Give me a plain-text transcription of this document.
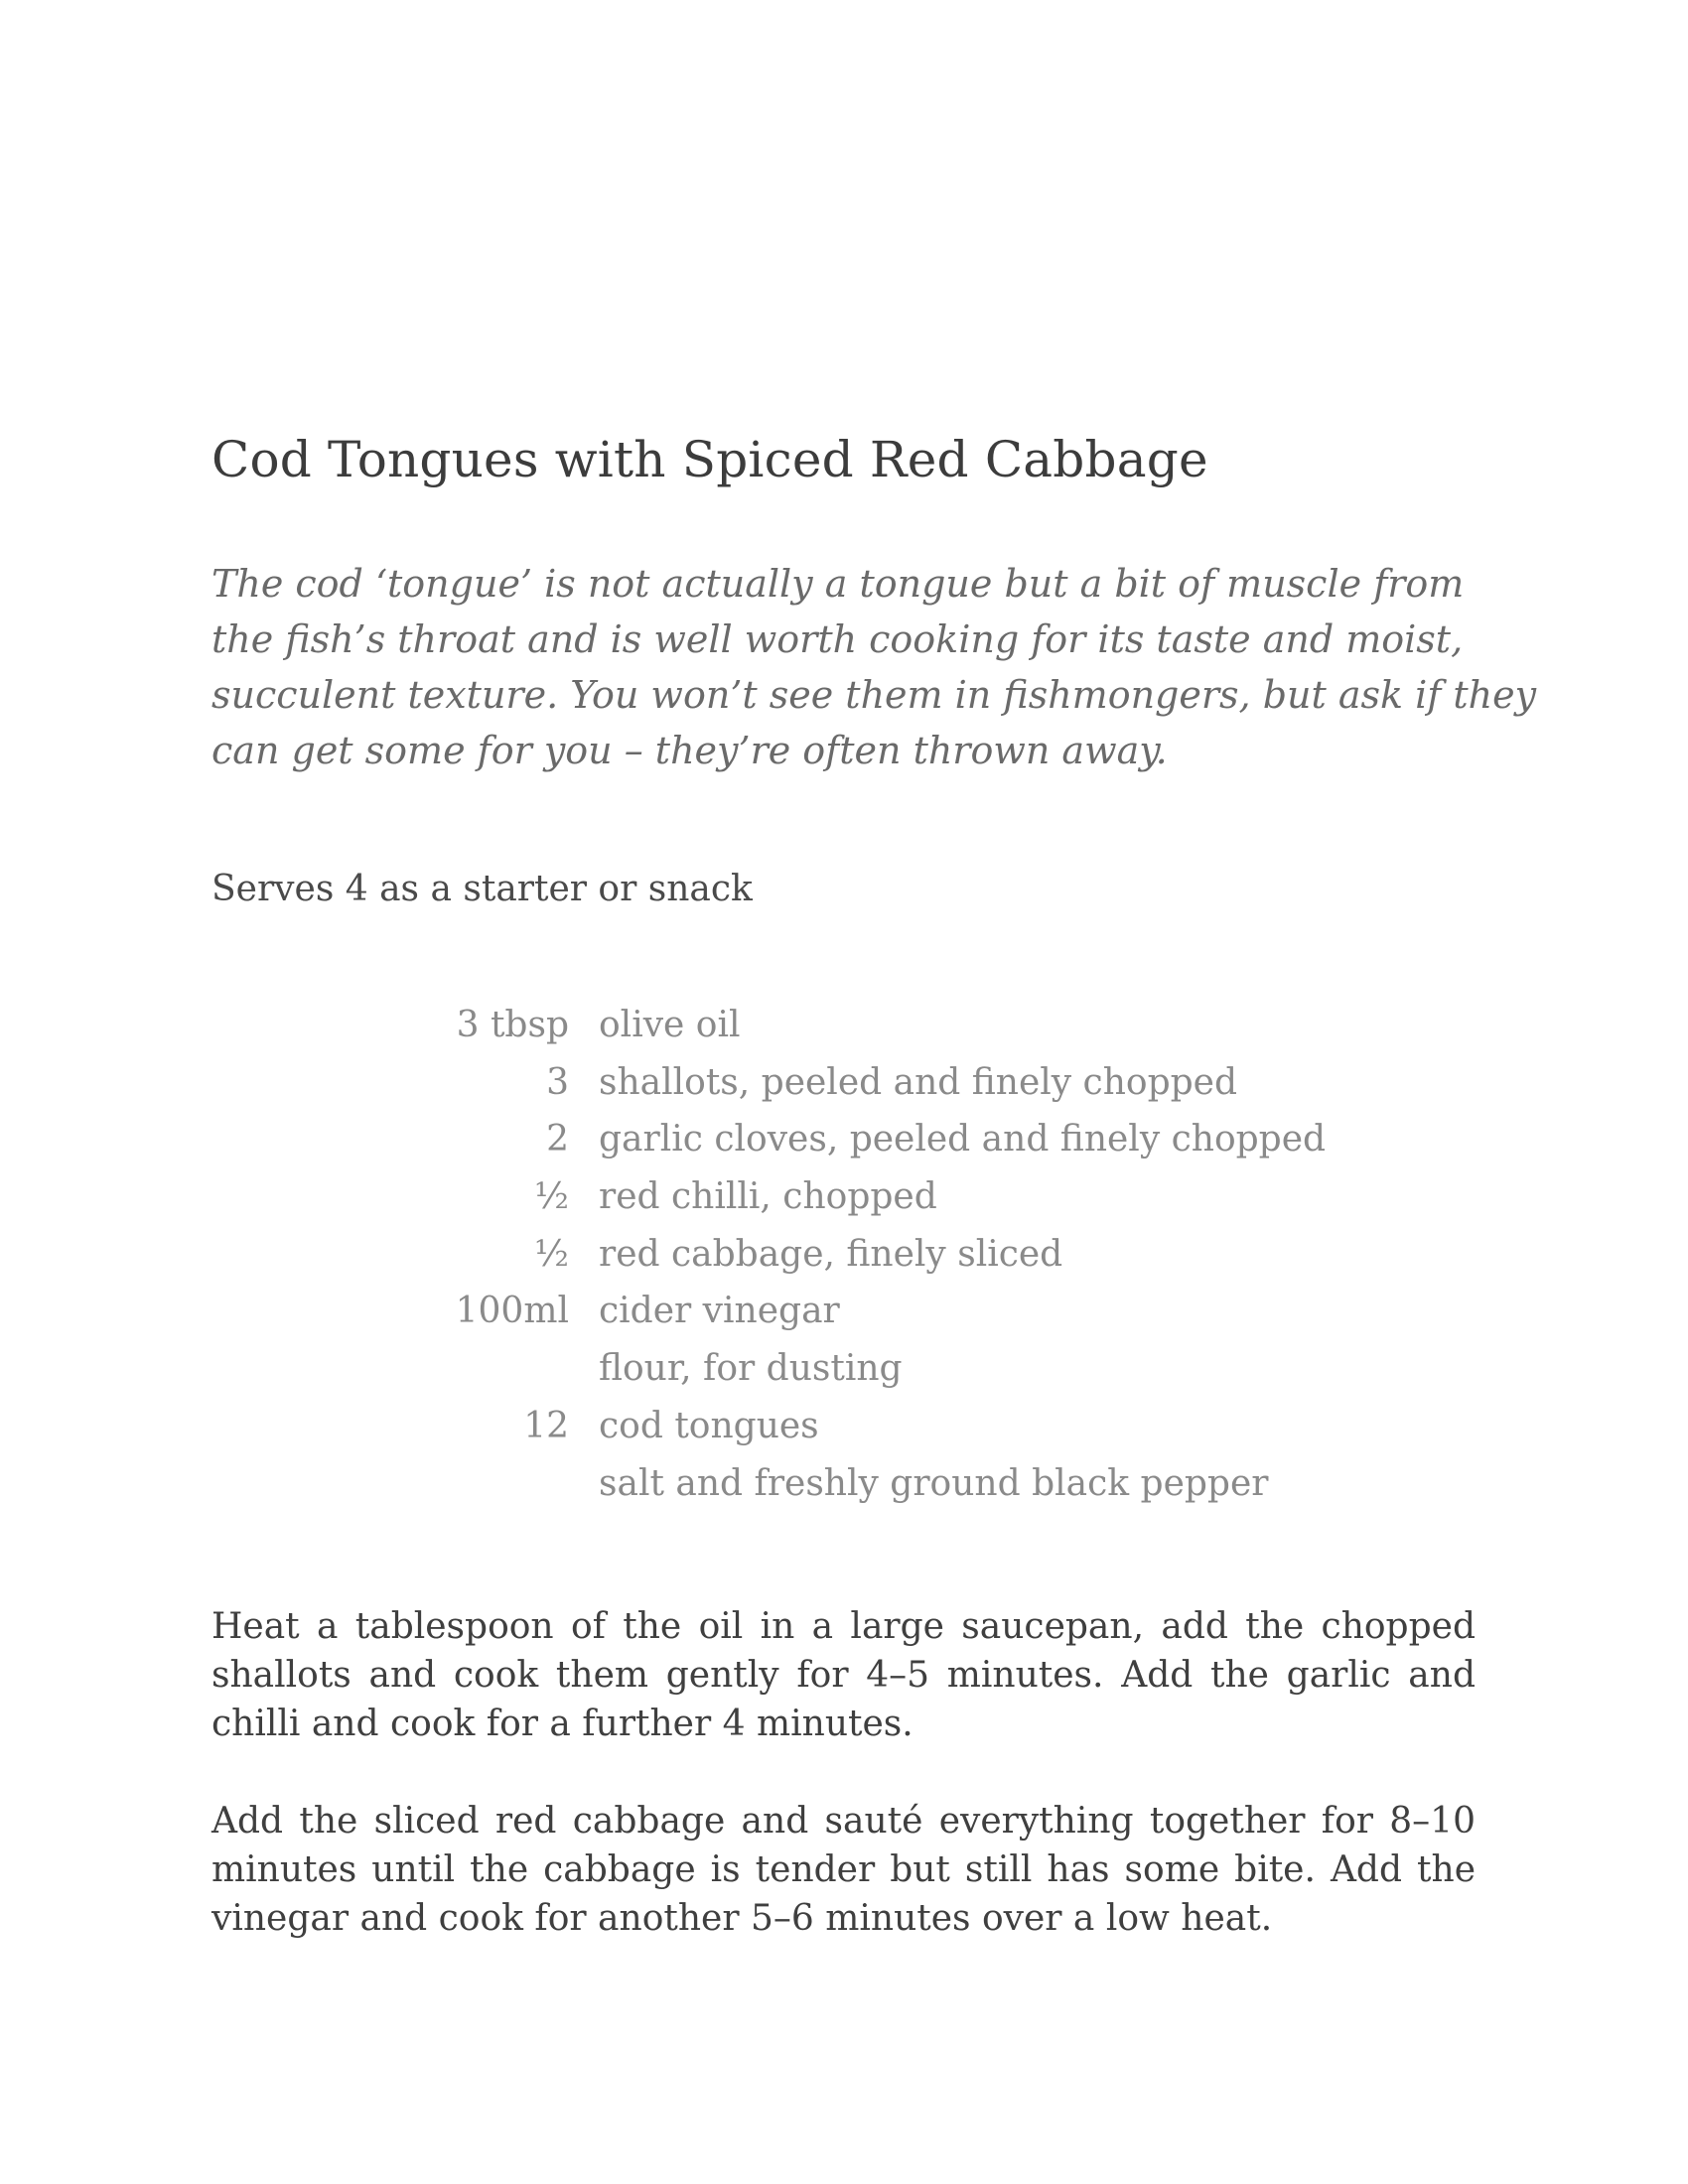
Cod Tongues with Spiced Red Cabbage

The cod ‘tongue’ is not actually a tongue but a bit of muscle from
the fish’s throat and is well worth cooking for its taste and moist,
succulent texture. You won’t see them in fishmongers, but ask if they
can get some for you – they’re often thrown away.

Serves 4 as a starter or snack

3 tbsp olive oil
3 shallots, peeled and finely chopped
2 garlic cloves, peeled and finely chopped
½ red chilli, chopped
½ red cabbage, finely sliced
100ml cider vinegar
flour, for dusting
12 cod tongues
salt and freshly ground black pepper

Heat a tablespoon of the oil in a large saucepan, add the chopped shallots and cook them gently for 4–5 minutes. Add the garlic and chilli and cook for a further 4 minutes.

Add the sliced red cabbage and sauté everything together for 8–10 minutes until the cabbage is tender but still has some bite. Add the vinegar and cook for another 5–6 minutes over a low heat.
